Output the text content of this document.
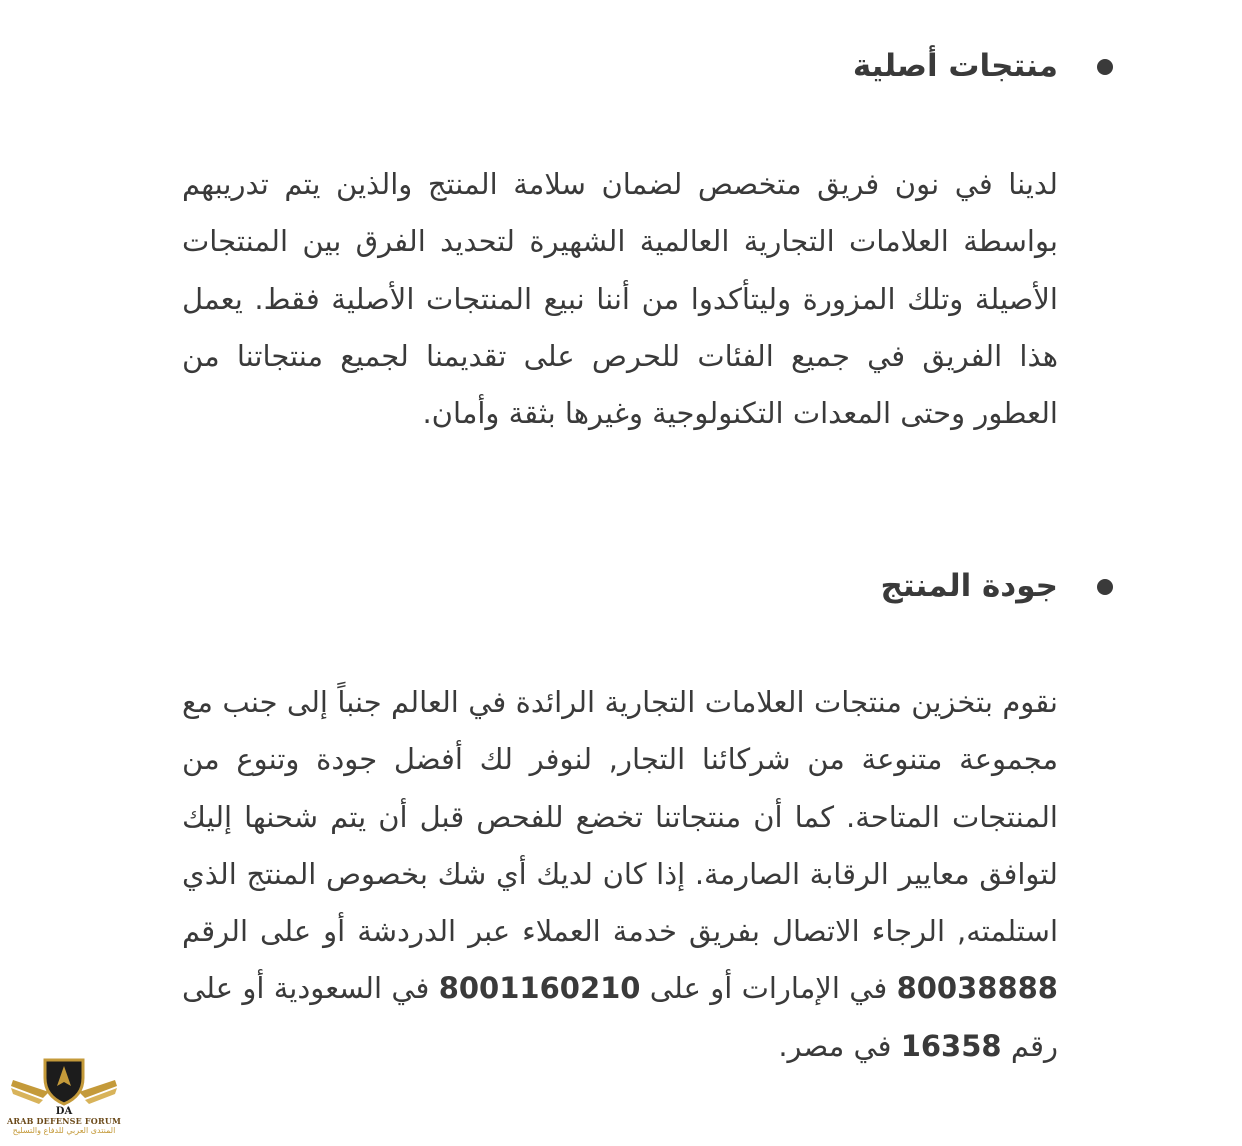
منتجات أصلية

لدينا في نون فريق متخصص لضمان سلامة المنتج والذين يتم تدريبهم بواسطة العلامات التجارية العالمية الشهيرة لتحديد الفرق بين المنتجات الأصيلة وتلك المزورة وليتأكدوا من أننا نبيع المنتجات الأصلية فقط. يعمل هذا الفريق في جميع الفئات للحرص على تقديمنا لجميع منتجاتنا من العطور وحتى المعدات التكنولوجية وغيرها بثقة وأمان.

جودة المنتج

نقوم بتخزين منتجات العلامات التجارية الرائدة في العالم جنباً إلى جنب مع مجموعة متنوعة من شركائنا التجار, لنوفر لك أفضل جودة وتنوع من المنتجات المتاحة. كما أن منتجاتنا تخضع للفحص قبل أن يتم شحنها إليك لتوافق معايير الرقابة الصارمة. إذا كان لديك أي شك بخصوص المنتج الذي استلمته, الرجاء الاتصال بفريق خدمة العملاء عبر الدردشة أو على الرقم 80038888 في الإمارات أو على 8001160210 في السعودية أو على رقم 16358 في مصر.

DA
ARAB DEFENSE FORUM
المنتدى العربي للدفاع والتسليح
